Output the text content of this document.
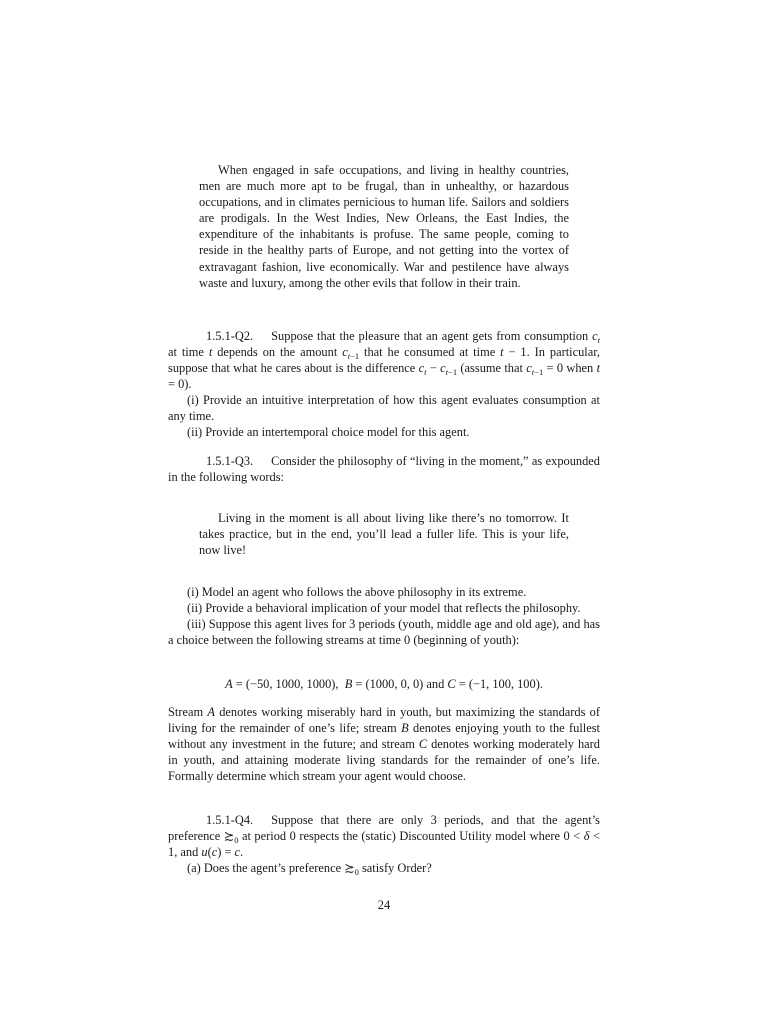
When engaged in safe occupations, and living in healthy countries, men are much more apt to be frugal, than in unhealthy, or hazardous occupations, and in climates pernicious to human life. Sailors and soldiers are prodigals. In the West Indies, New Orleans, the East Indies, the expenditure of the inhabitants is profuse. The same people, coming to reside in the healthy parts of Europe, and not getting into the vortex of extravagant fashion, live economically. War and pestilence have always waste and luxury, among the other evils that follow in their train.

1.5.1-Q2. Suppose that the pleasure that an agent gets from consumption $c_t$ at time t depends on the amount $c_{t-1}$ that he consumed at time t − 1. In particular, suppose that what he cares about is the difference $c_t - c_{t-1}$ (assume that $c_{t-1} = 0$ when t = 0).

(i) Provide an intuitive interpretation of how this agent evaluates consumption at any time.

(ii) Provide an intertemporal choice model for this agent.

1.5.1-Q3. Consider the philosophy of “living in the moment,” as expounded in the following words:

Living in the moment is all about living like there’s no tomorrow. It takes practice, but in the end, you’ll lead a fuller life. This is your life, now live!

(i) Model an agent who follows the above philosophy in its extreme.

(ii) Provide a behavioral implication of your model that reflects the philosophy.

(iii) Suppose this agent lives for 3 periods (youth, middle age and old age), and has a choice between the following streams at time 0 (beginning of youth):

A = (−50, 1000, 1000),  B = (1000, 0, 0) and C = (−1, 100, 100).

Stream A denotes working miserably hard in youth, but maximizing the standards of living for the remainder of one’s life; stream B denotes enjoying youth to the fullest without any investment in the future; and stream C denotes working moderately hard in youth, and attaining moderate living standards for the remainder of one’s life. Formally determine which stream your agent would choose.

1.5.1-Q4. Suppose that there are only 3 periods, and that the agent’s preference $≿_0$ at period 0 respects the (static) Discounted Utility model where 0 < δ < 1, and u(c) = c.

(a) Does the agent’s preference $≿_0$ satisfy Order?

24
